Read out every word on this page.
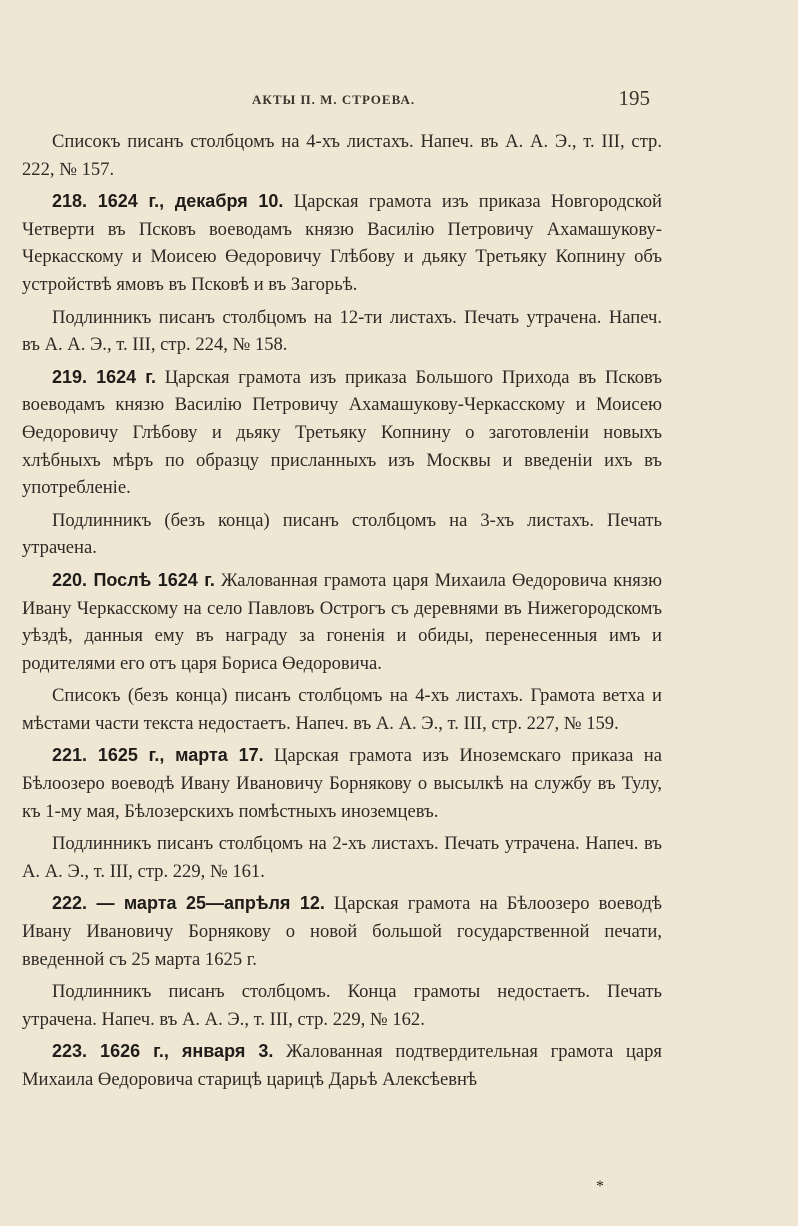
АКТЫ П. М. СТРОЕВА.	195

Списокъ писанъ столбцомъ на 4-хъ листахъ. Напеч. въ А. А. Э., т. III, стр. 222, № 157.

218. 1624 г., декабря 10. Царская грамота изъ приказа Новгородской Четверти въ Псковъ воеводамъ князю Василію Петровичу Ахамашукову-Черкасскому и Моисею Өедоровичу Глѣбову и дьяку Третьяку Копнину объ устройствѣ ямовъ въ Псковѣ и въ Загорьѣ.

Подлинникъ писанъ столбцомъ на 12-ти листахъ. Печать утрачена. Напеч. въ А. А. Э., т. III, стр. 224, № 158.

219. 1624 г. Царская грамота изъ приказа Большого Прихода въ Псковъ воеводамъ князю Василію Петровичу Ахамашукову-Черкасскому и Моисею Өедоровичу Глѣбову и дьяку Третьяку Копнину о заготовленіи новыхъ хлѣбныхъ мѣръ по образцу присланныхъ изъ Москвы и введеніи ихъ въ употребленіе.

Подлинникъ (безъ конца) писанъ столбцомъ на 3-хъ листахъ. Печать утрачена.

220. Послѣ 1624 г. Жалованная грамота царя Михаила Өедоровича князю Ивану Черкасскому на село Павловъ Острогъ съ деревнями въ Нижегородскомъ уѣздѣ, данныя ему въ награду за гоненія и обиды, перенесенныя имъ и родителями его отъ царя Бориса Өедоровича.

Списокъ (безъ конца) писанъ столбцомъ на 4-хъ листахъ. Грамота ветха и мѣстами части текста недостаетъ. Напеч. въ А. А. Э., т. III, стр. 227, № 159.

221. 1625 г., марта 17. Царская грамота изъ Иноземскаго приказа на Бѣлоозеро воеводѣ Ивану Ивановичу Борнякову о высылкѣ на службу въ Тулу, къ 1-му мая, Бѣлозерскихъ помѣстныхъ иноземцевъ.

Подлинникъ писанъ столбцомъ на 2-хъ листахъ. Печать утрачена. Напеч. въ А. А. Э., т. III, стр. 229, № 161.

222. — марта 25—апрѣля 12. Царская грамота на Бѣлоозеро воеводѣ Ивану Ивановичу Борнякову о новой большой государственной печати, введенной съ 25 марта 1625 г.

Подлинникъ писанъ столбцомъ. Конца грамоты недостаетъ. Печать утрачена. Напеч. въ А. А. Э., т. III, стр. 229, № 162.

223. 1626 г., января 3. Жалованная подтвердительная грамота царя Михаила Өедоровича старицѣ царицѣ Дарьѣ Алексѣевнѣ

*
